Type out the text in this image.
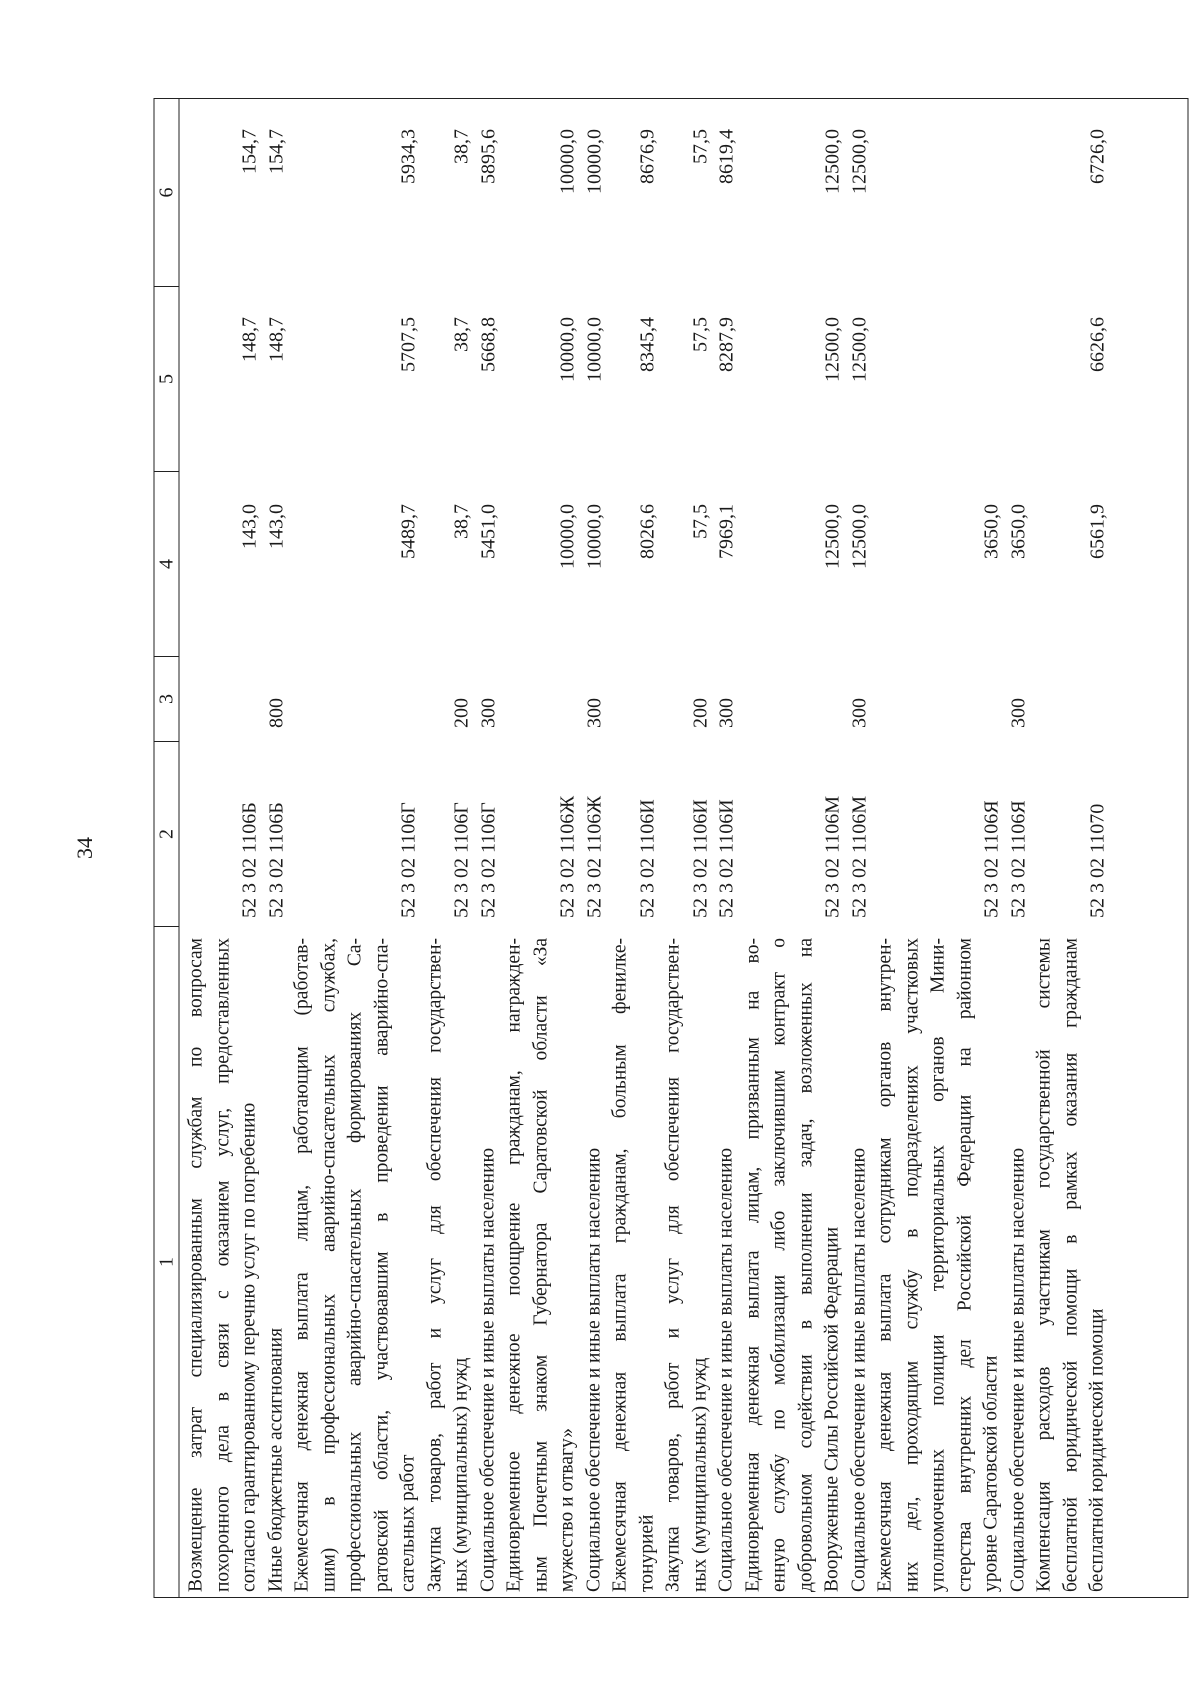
34
1
2
3
4
5
6
Возмещение затрат специализированным службам по вопросам похоронного дела в связи с оказанием услуг, предоставленных согласно гарантированному перечню услуг по погребению
52 3 02 1106Б
143,0
148,7
154,7
Иные бюджетные ассигнования
52 3 02 1106Б
800
143,0
148,7
154,7
Ежемесячная денежная выплата лицам, работающим (работав- шим) в профессиональных аварийно-спасательных службах, профессиональных аварийно-спасательных формированиях Са- ратовской области, участвовавшим в проведении аварийно-спа- сательных работ
52 3 02 1106Г
5489,7
5707,5
5934,3
Закупка товаров, работ и услуг для обеспечения государствен- ных (муниципальных) нужд
52 3 02 1106Г
200
38,7
38,7
38,7
Социальное обеспечение и иные выплаты населению
52 3 02 1106Г
300
5451,0
5668,8
5895,6
Единовременное денежное поощрение гражданам, награжден- ным Почетным знаком Губернатора Саратовской области «За мужество и отвагу»
52 3 02 1106Ж
10000,0
10000,0
10000,0
Социальное обеспечение и иные выплаты населению
52 3 02 1106Ж
300
10000,0
10000,0
10000,0
Ежемесячная денежная выплата гражданам, больным фенилке- тонурией
52 3 02 1106И
8026,6
8345,4
8676,9
Закупка товаров, работ и услуг для обеспечения государствен- ных (муниципальных) нужд
52 3 02 1106И
200
57,5
57,5
57,5
Социальное обеспечение и иные выплаты населению
52 3 02 1106И
300
7969,1
8287,9
8619,4
Единовременная денежная выплата лицам, призванным на во- енную службу по мобилизации либо заключившим контракт о добровольном содействии в выполнении задач, возложенных на Вооруженные Силы Российской Федерации
52 3 02 1106М
12500,0
12500,0
12500,0
Социальное обеспечение и иные выплаты населению
52 3 02 1106М
300
12500,0
12500,0
12500,0
Ежемесячная денежная выплата сотрудникам органов внутрен- них дел, проходящим службу в подразделениях участковых уполномоченных полиции территориальных органов Мини- стерства внутренних дел Российской Федерации на районном уровне Саратовской области
52 3 02 1106Я
3650,0
Социальное обеспечение и иные выплаты населению
52 3 02 1106Я
300
3650,0
Компенсация расходов участникам государственной системы бесплатной юридической помощи в рамках оказания гражданам бесплатной юридической помощи
52 3 02 11070
6561,9
6626,6
6726,0
